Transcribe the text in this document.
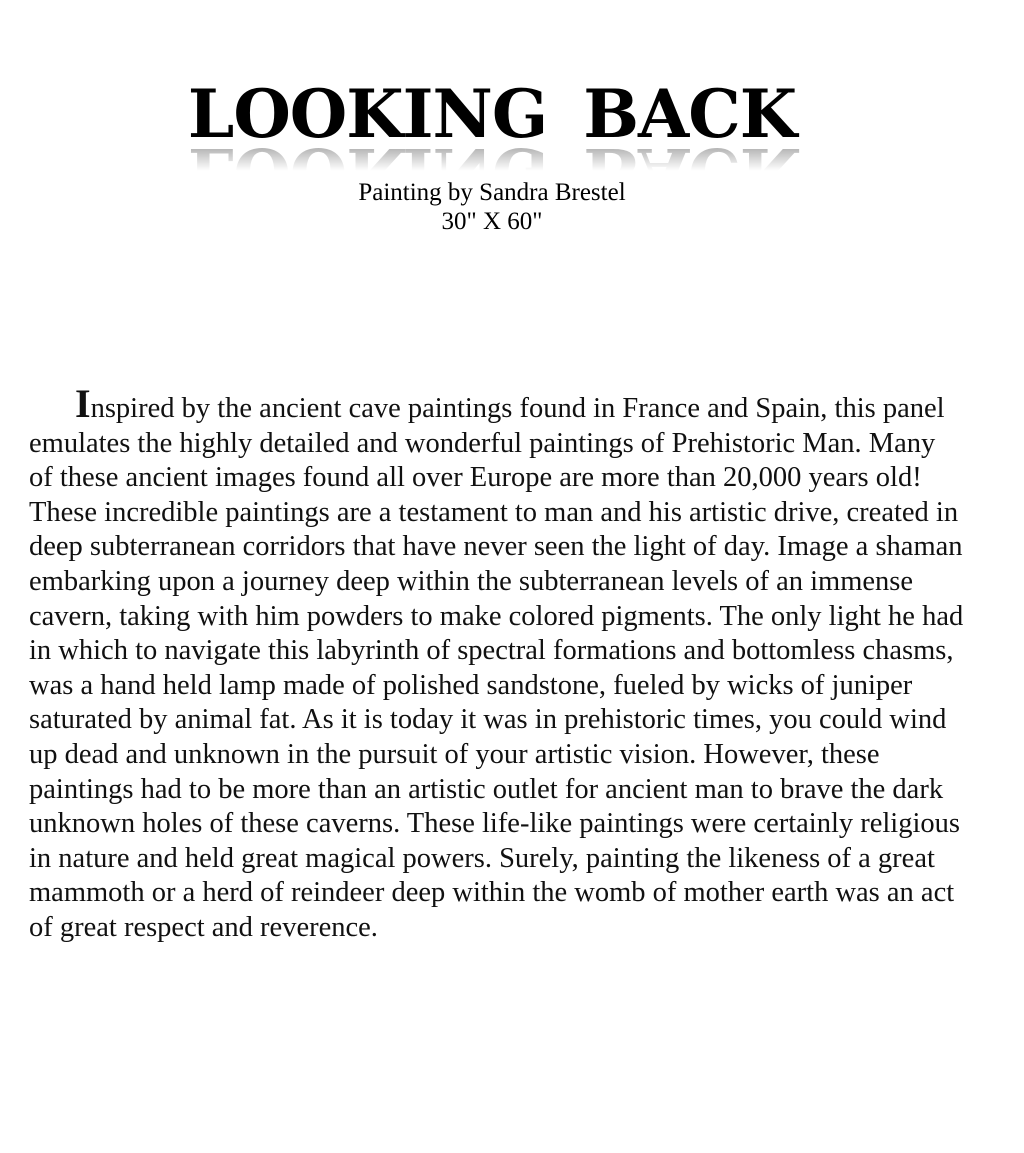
LOOKING BACK
Painting by Sandra Brestel
30" X 60"

Inspired by the ancient cave paintings found in France and Spain, this panel emulates the highly detailed and wonderful paintings of Prehistoric Man. Many of these ancient images found all over Europe are more than 20,000 years old! These incredible paintings are a testament to man and his artistic drive, created in deep subterranean corridors that have never seen the light of day. Image a shaman embarking upon a journey deep within the subterranean levels of an immense cavern, taking with him powders to make colored pigments. The only light he had in which to navigate this labyrinth of spectral formations and bottomless chasms, was a hand held lamp made of polished sandstone, fueled by wicks of juniper saturated by animal fat. As it is today it was in prehistoric times, you could wind up dead and unknown in the pursuit of your artistic vision. However, these paintings had to be more than an artistic outlet for ancient man to brave the dark unknown holes of these caverns. These life-like paintings were certainly religious in nature and held great magical powers. Surely, painting the likeness of a great mammoth or a herd of reindeer deep within the womb of mother earth was an act of great respect and reverence.
